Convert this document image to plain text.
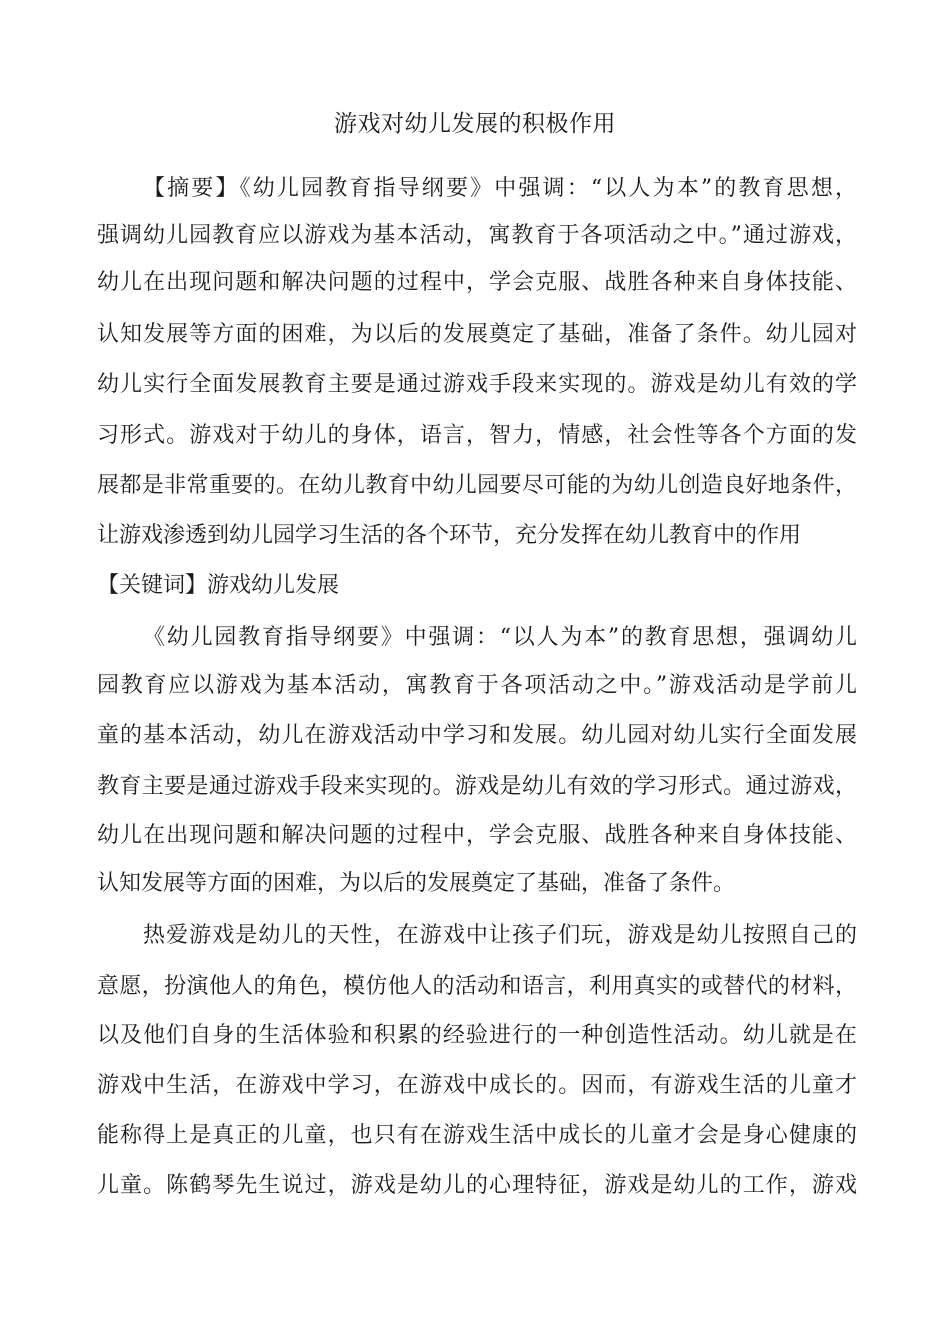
游戏对幼儿发展的积极作用
【摘要】《幼儿园教育指导纲要》中强调：“以人为本”的教育思想，
强调幼儿园教育应以游戏为基本活动，寓教育于各项活动之中。”通过游戏，
幼儿在出现问题和解决问题的过程中，学会克服、战胜各种来自身体技能、
认知发展等方面的困难，为以后的发展奠定了基础，准备了条件。幼儿园对
幼儿实行全面发展教育主要是通过游戏手段来实现的。游戏是幼儿有效的学
习形式。游戏对于幼儿的身体，语言，智力，情感，社会性等各个方面的发
展都是非常重要的。在幼儿教育中幼儿园要尽可能的为幼儿创造良好地条件，
让游戏渗透到幼儿园学习生活的各个环节，充分发挥在幼儿教育中的作用
【关键词】游戏幼儿发展
《幼儿园教育指导纲要》中强调：“以人为本”的教育思想，强调幼儿
园教育应以游戏为基本活动，寓教育于各项活动之中。”游戏活动是学前儿
童的基本活动，幼儿在游戏活动中学习和发展。幼儿园对幼儿实行全面发展
教育主要是通过游戏手段来实现的。游戏是幼儿有效的学习形式。通过游戏，
幼儿在出现问题和解决问题的过程中，学会克服、战胜各种来自身体技能、
认知发展等方面的困难，为以后的发展奠定了基础，准备了条件。
热爱游戏是幼儿的天性，在游戏中让孩子们玩，游戏是幼儿按照自己的
意愿，扮演他人的角色，模仿他人的活动和语言，利用真实的或替代的材料，
以及他们自身的生活体验和积累的经验进行的一种创造性活动。幼儿就是在
游戏中生活，在游戏中学习，在游戏中成长的。因而，有游戏生活的儿童才
能称得上是真正的儿童，也只有在游戏生活中成长的儿童才会是身心健康的
儿童。陈鹤琴先生说过，游戏是幼儿的心理特征，游戏是幼儿的工作，游戏
